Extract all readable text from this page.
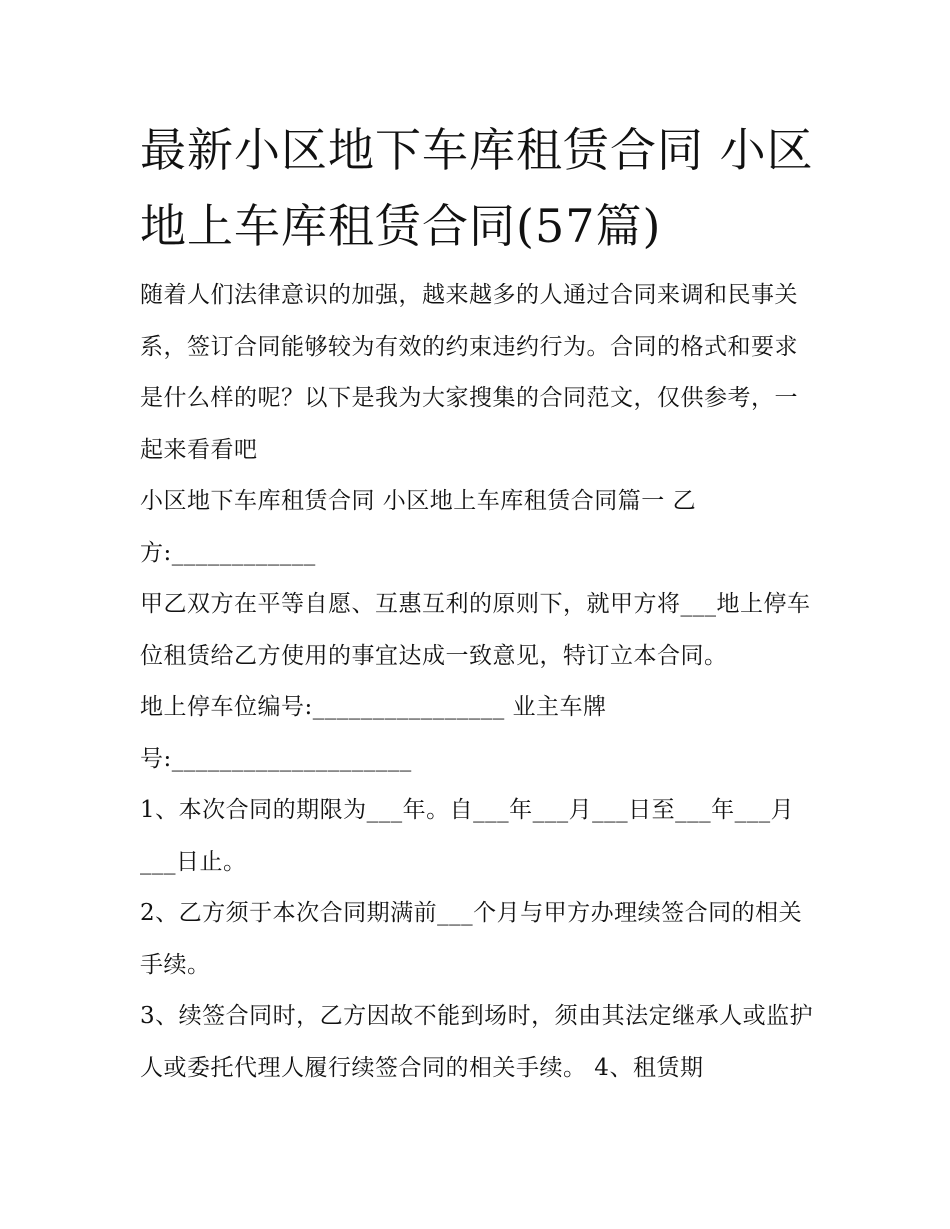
最新小区地下车库租赁合同 小区地上车库租赁合同(57篇)

随着人们法律意识的加强，越来越多的人通过合同来调和民事关系，签订合同能够较为有效的约束违约行为。合同的格式和要求是什么样的呢？以下是我为大家搜集的合同范文，仅供参考，一起来看看吧

小区地下车库租赁合同 小区地上车库租赁合同篇一 乙方:____________

甲乙双方在平等自愿、互惠互利的原则下，就甲方将___地上停车位租赁给乙方使用的事宜达成一致意见，特订立本合同。

地上停车位编号:________________ 业主车牌号:____________________

1、本次合同的期限为___年。自___年___月___日至___年___月___日止。

2、乙方须于本次合同期满前___个月与甲方办理续签合同的相关手续。

3、续签合同时，乙方因故不能到场时，须由其法定继承人或监护人或委托代理人履行续签合同的相关手续。 4、租赁期
